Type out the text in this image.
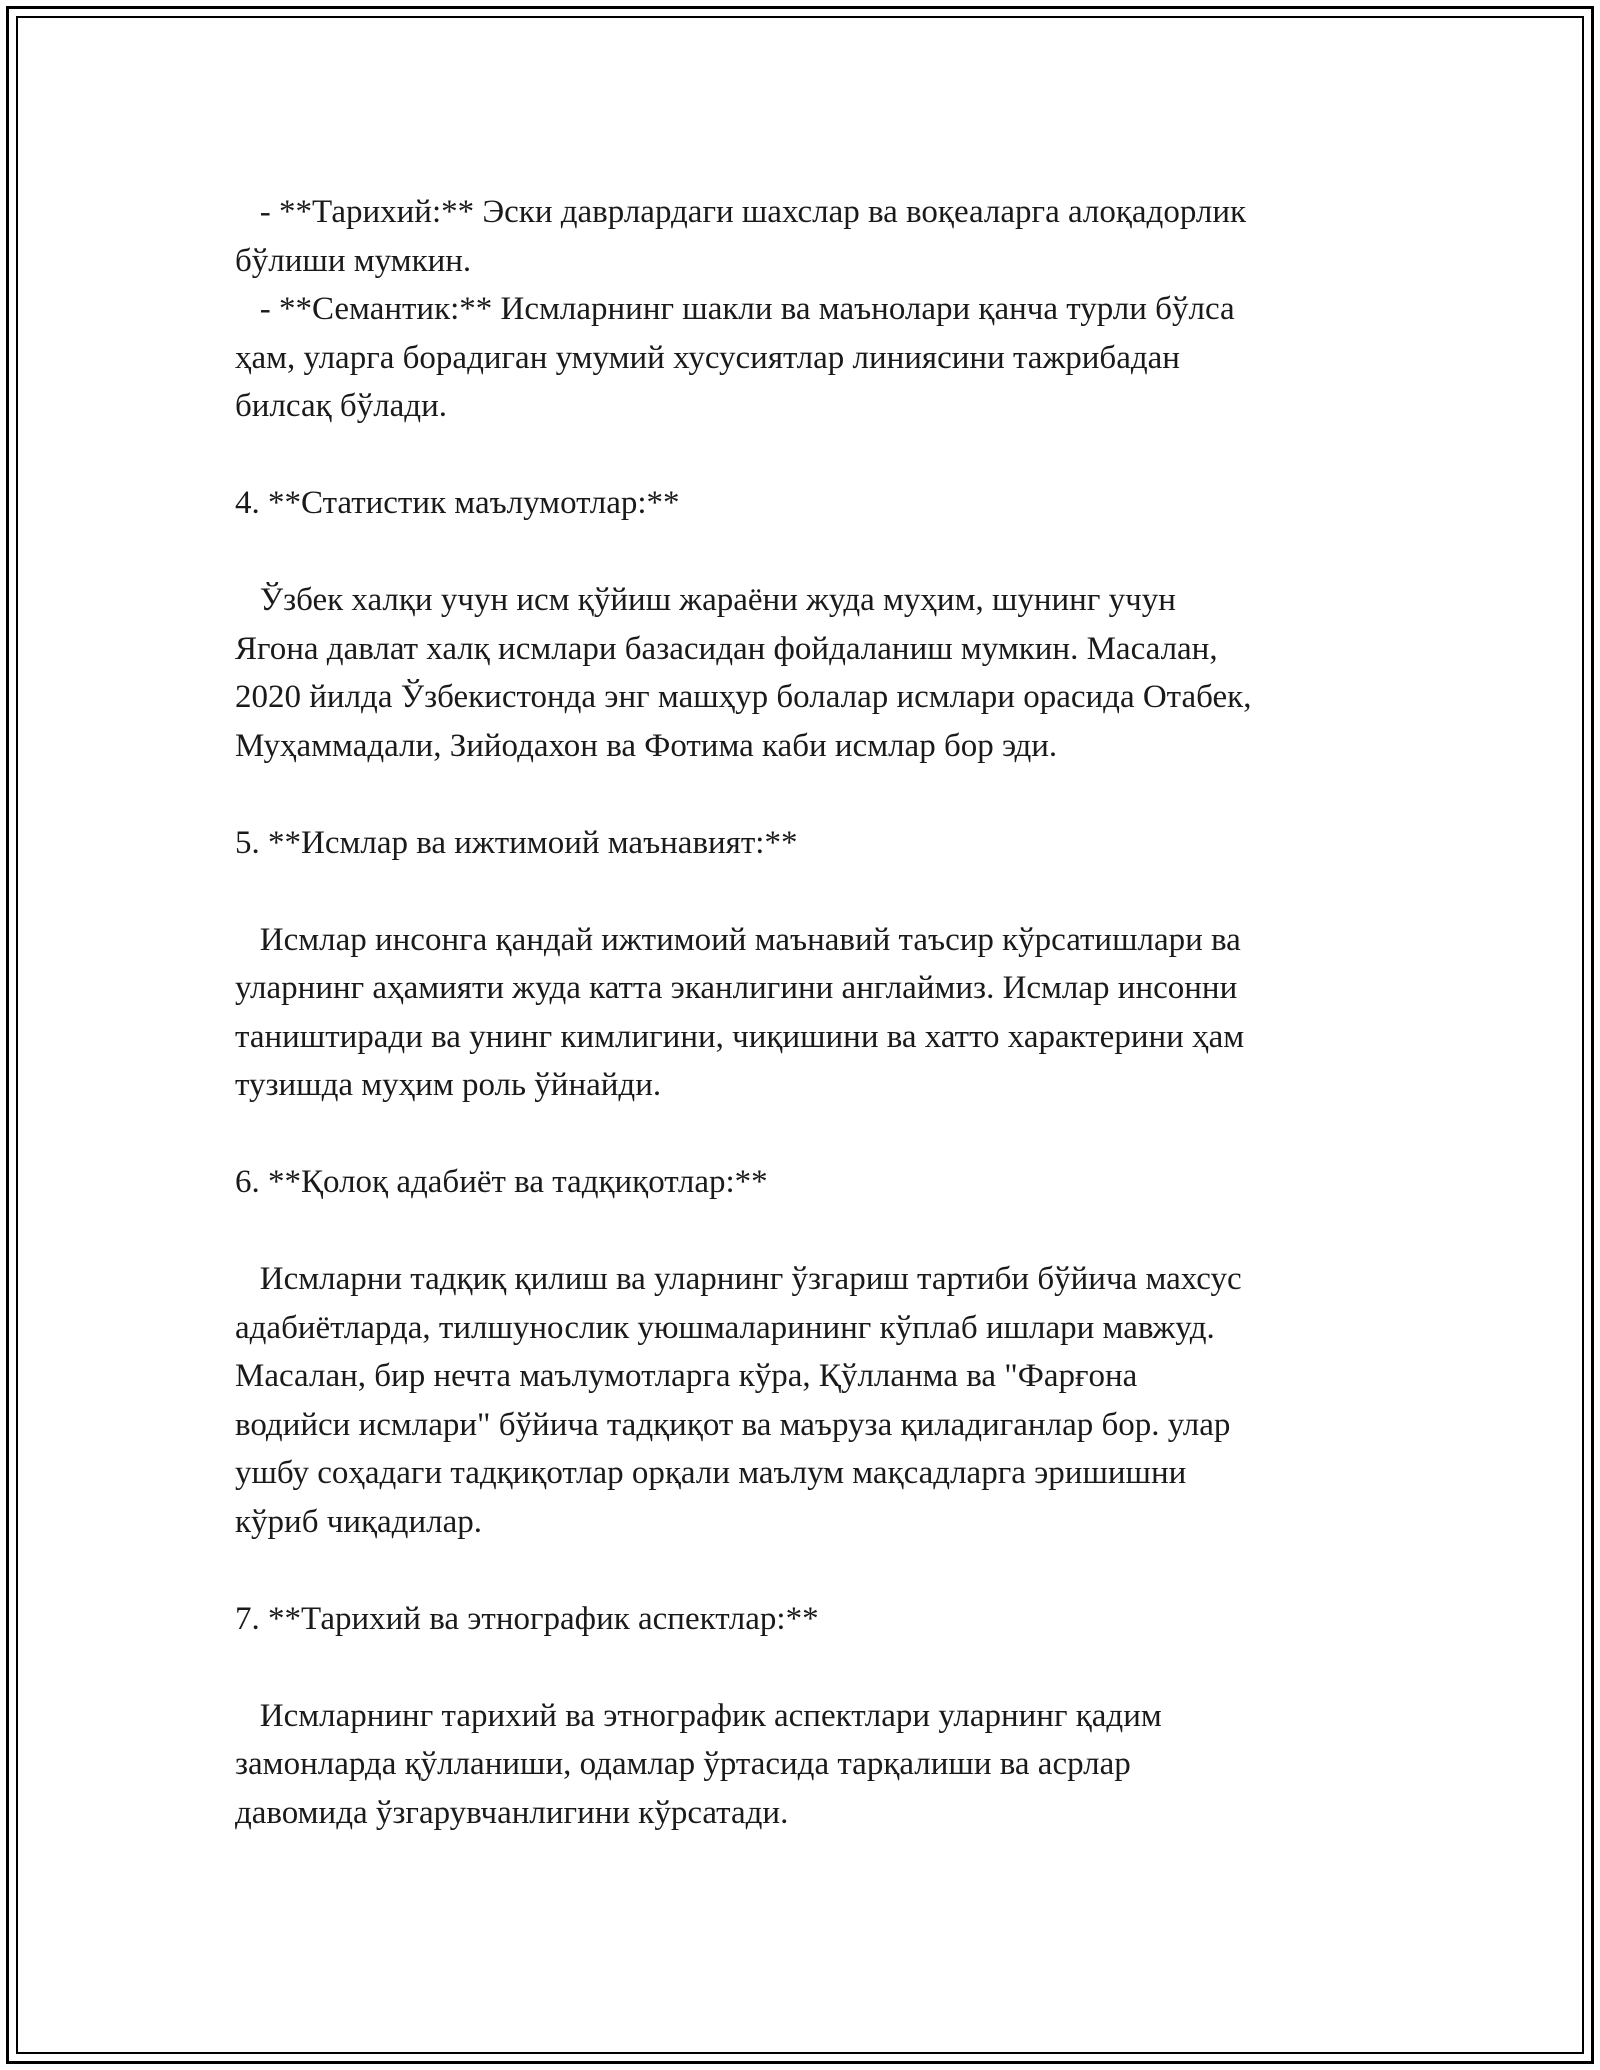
- **Тарихий:** Эски даврлардаги шахслар ва воқеаларга алоқадорлик
бўлиши мумкин.
- **Семантик:** Исмларнинг шакли ва маънолари қанча турли бўлса
ҳам, уларга борадиган умумий хусусиятлар линиясини тажрибадан
билсақ бўлади.
4. **Статистик маълумотлар:**
Ўзбек халқи учун исм қўйиш жараёни жуда муҳим, шунинг учун
Ягона давлат халқ исмлари базасидан фойдаланиш мумкин. Масалан,
2020 йилда Ўзбекистонда энг машҳур болалар исмлари орасида Отабек,
Муҳаммадали, Зийодахон ва Фотима каби исмлар бор эди.
5. **Исмлар ва ижтимоий маънавият:**
Исмлар инсонга қандай ижтимоий маънавий таъсир кўрсатишлари ва
уларнинг аҳамияти жуда катта эканлигини англаймиз. Исмлар инсонни
таништиради ва унинг кимлигини, чиқишини ва хатто характерини ҳам
тузишда муҳим роль ўйнайди.
6. **Қолоқ адабиёт ва тадқиқотлар:**
Исмларни тадқиқ қилиш ва уларнинг ўзгариш тартиби бўйича махсус
адабиётларда, тилшунослик уюшмаларининг кўплаб ишлари мавжуд.
Масалан, бир нечта маълумотларга кўра, Қўлланма ва "Фарғона
водийси исмлари" бўйича тадқиқот ва маъруза қиладиганлар бор. улар
ушбу соҳадаги тадқиқотлар орқали маълум мақсадларга эришишни
кўриб чиқадилар.
7. **Тарихий ва этнографик аспектлар:**
Исмларнинг тарихий ва этнографик аспектлари уларнинг қадим
замонларда қўлланиши, одамлар ўртасида тарқалиши ва асрлар
давомида ўзгарувчанлигини кўрсатади.
